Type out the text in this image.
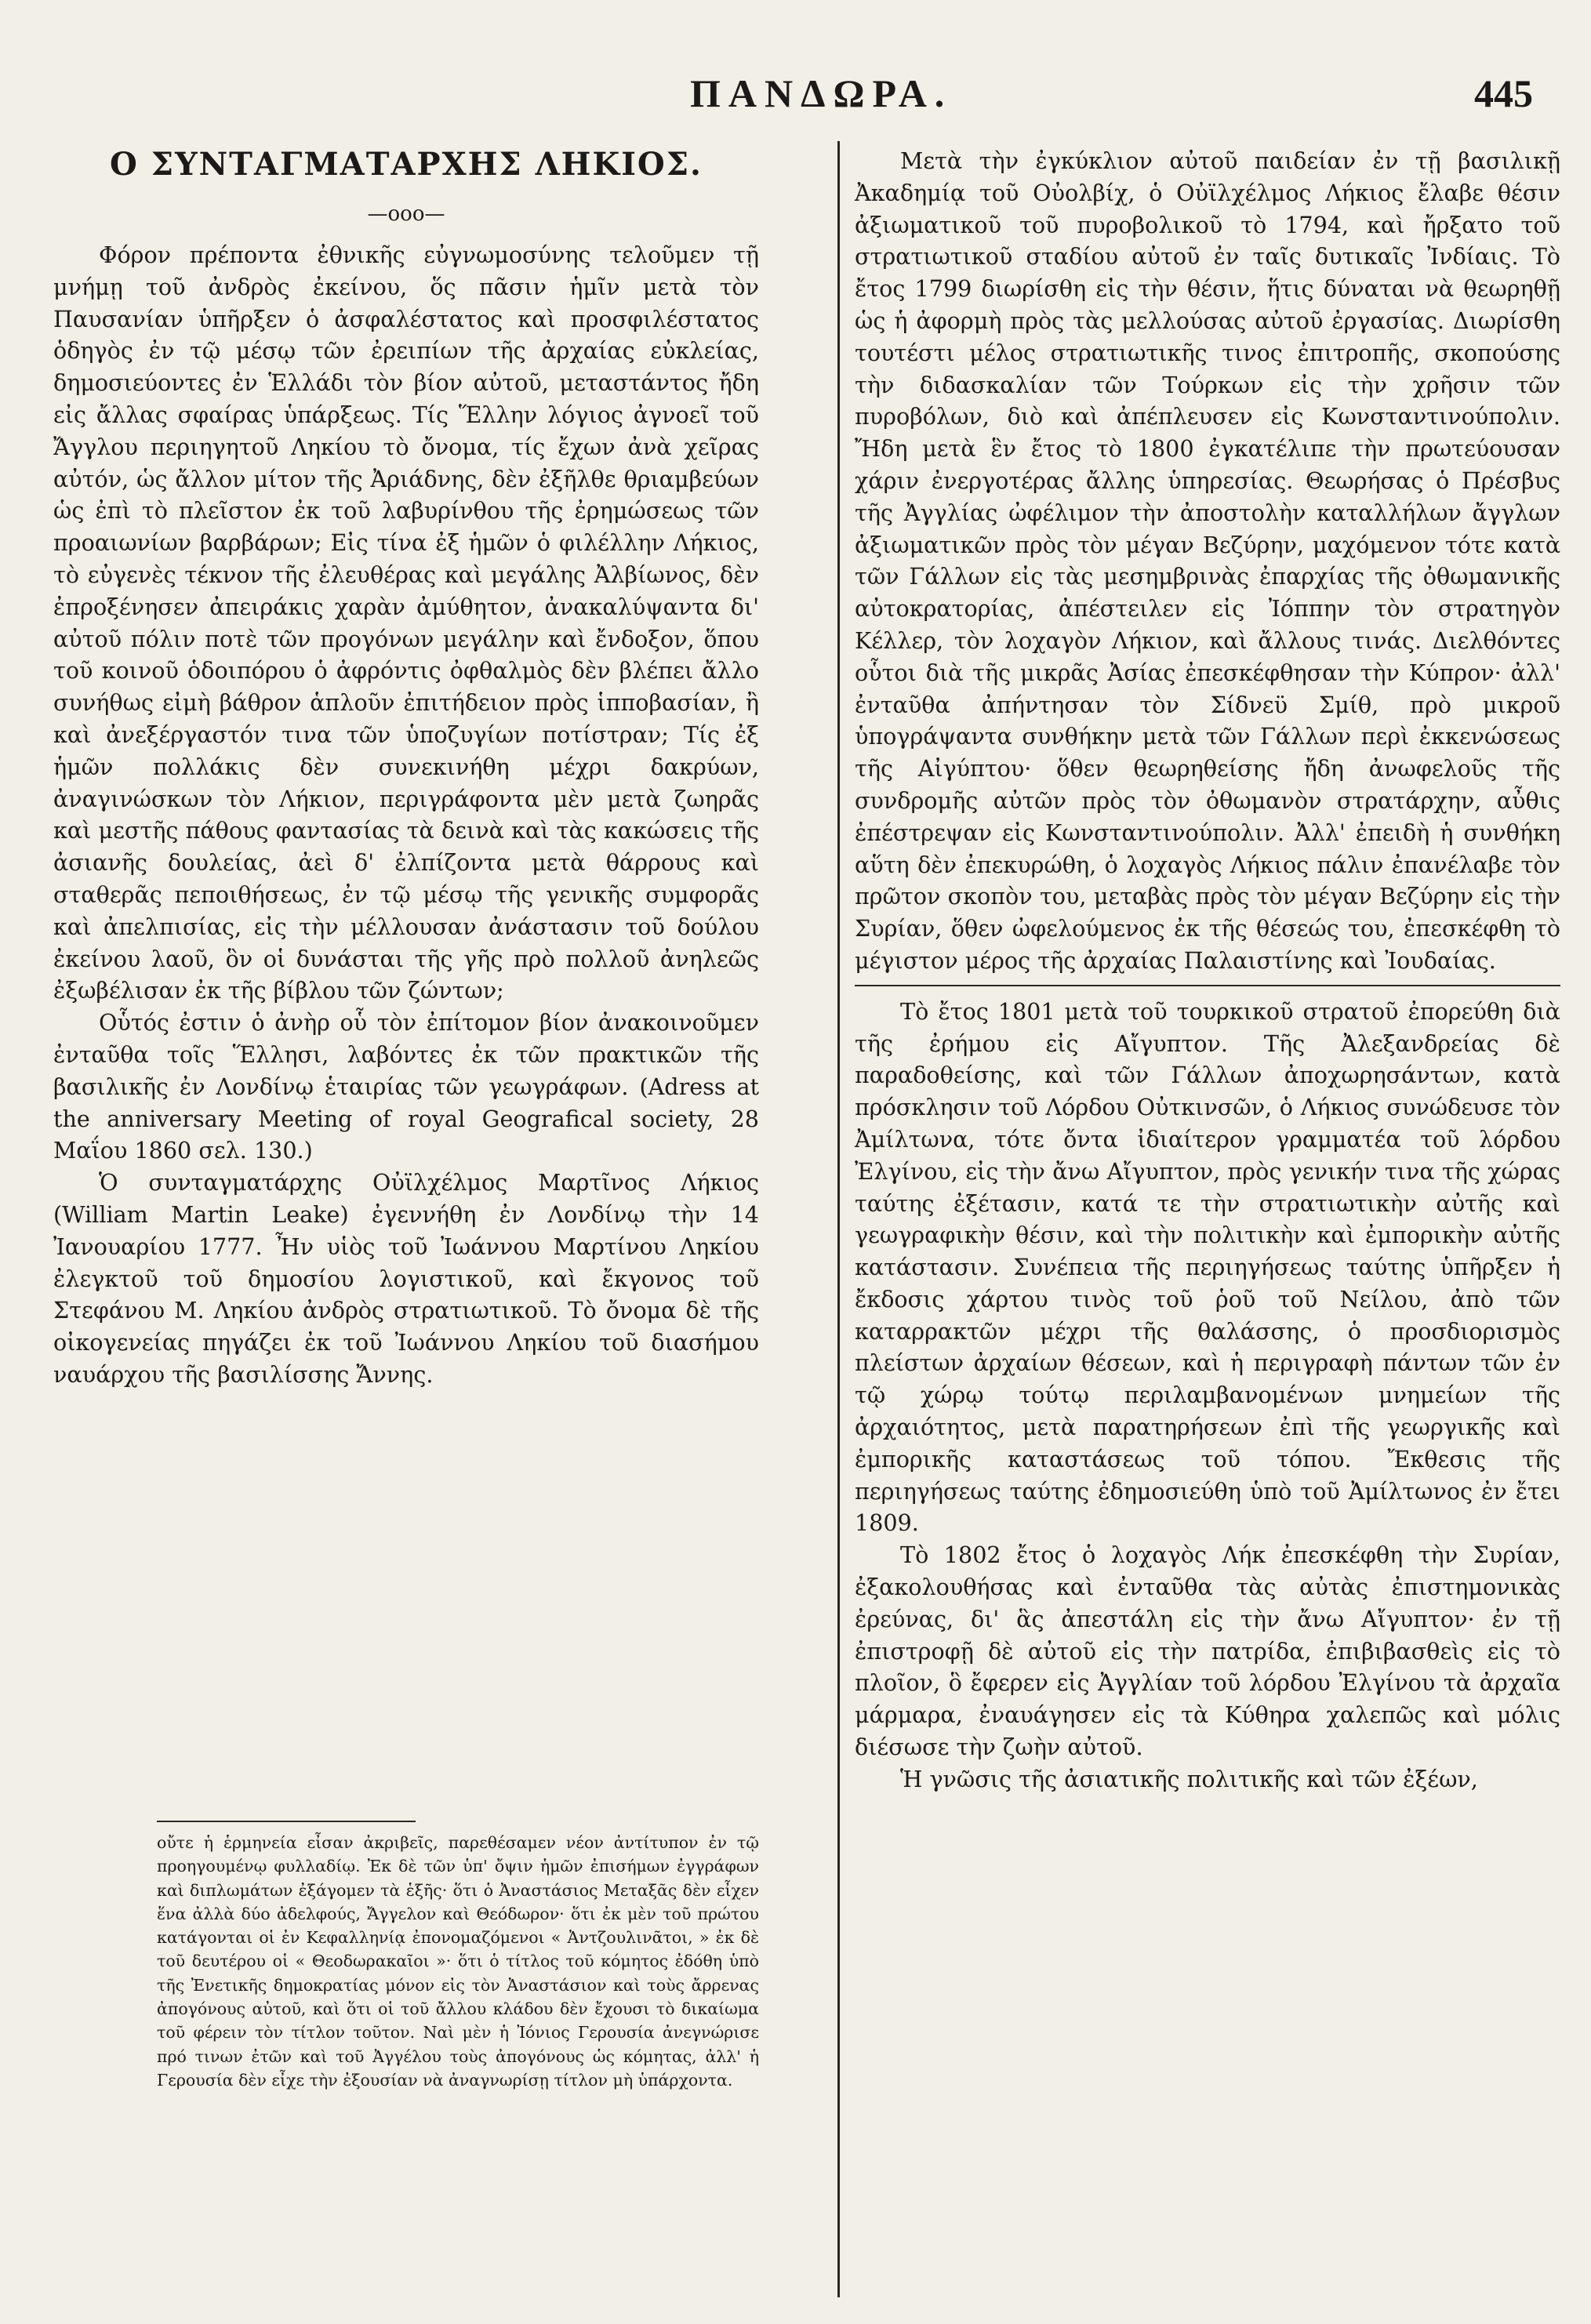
ΠΑΝΔΩΡΑ.	445
Ο ΣΥΝΤΑΓΜΑΤΑΡΧΗΣ ΛΗΚΙΟΣ.
—ooo—

Φόρον πρέποντα ἐθνικῆς εὐγνωμοσύνης τελοῦμεν τῇ μνήμῃ τοῦ ἀνδρὸς ἐκείνου, ὅς πᾶσιν ἡμῖν μετὰ τὸν Παυσανίαν ὑπῆρξεν ὁ ἀσφαλέστατος καὶ προσφιλέστατος ὁδηγὸς ἐν τῷ μέσῳ τῶν ἐρειπίων τῆς ἀρχαίας εὐκλείας, δημοσιεύοντες ἐν Ἑλλάδι τὸν βίον αὐτοῦ, μεταστάντος ἤδη εἰς ἄλλας σφαίρας ὑπάρξεως. Τίς Ἕλλην λόγιος ἀγνοεῖ τοῦ Ἄγγλου περιηγητοῦ Ληκίου τὸ ὄνομα, τίς ἔχων ἀνὰ χεῖρας αὐτόν, ὡς ἄλλον μίτον τῆς Ἀριάδνης, δὲν ἐξῆλθε θριαμβεύων ὡς ἐπὶ τὸ πλεῖστον ἐκ τοῦ λαβυρίνθου τῆς ἐρημώσεως τῶν προαιωνίων βαρβάρων; Εἰς τίνα ἐξ ἡμῶν ὁ φιλέλλην Λήκιος, τὸ εὐγενὲς τέκνον τῆς ἐλευθέρας καὶ μεγάλης Ἀλβίωνος, δὲν ἐπροξένησεν ἀπειράκις χαρὰν ἀμύθητον, ἀνακαλύψαντα δι' αὐτοῦ πόλιν ποτὲ τῶν προγόνων μεγάλην καὶ ἔνδοξον, ὅπου τοῦ κοινοῦ ὁδοιπόρου ὁ ἀφρόντις ὀφθαλμὸς δὲν βλέπει ἄλλο συνήθως εἰμὴ βάθρον ἁπλοῦν ἐπιτήδειον πρὸς ἱπποβασίαν, ἢ καὶ ἀνεξέργαστόν τινα τῶν ὑποζυγίων ποτίστραν; Τίς ἐξ ἡμῶν πολλάκις δὲν συνεκινήθη μέχρι δακρύων, ἀναγινώσκων τὸν Λήκιον, περιγράφοντα μὲν μετὰ ζωηρᾶς καὶ μεστῆς πάθους φαντασίας τὰ δεινὰ καὶ τὰς κακώσεις τῆς ἀσιανῆς δουλείας, ἀεὶ δ' ἐλπίζοντα μετὰ θάρρους καὶ σταθερᾶς πεποιθήσεως, ἐν τῷ μέσῳ τῆς γενικῆς συμφορᾶς καὶ ἀπελπισίας, εἰς τὴν μέλλουσαν ἀνάστασιν τοῦ δούλου ἐκείνου λαοῦ, ὃν οἱ δυνάσται τῆς γῆς πρὸ πολλοῦ ἀνηλεῶς ἐξωβέλισαν ἐκ τῆς βίβλου τῶν ζώντων;

Οὗτός ἐστιν ὁ ἀνὴρ οὗ τὸν ἐπίτομον βίον ἀνακοινοῦμεν ἐνταῦθα τοῖς Ἕλλησι, λαβόντες ἐκ τῶν πρακτικῶν τῆς βασιλικῆς ἐν Λονδίνῳ ἑταιρίας τῶν γεωγράφων. (Adress at the anniversary Meeting of royal Geografical society, 28 Μαΐου 1860 σελ. 130.)

Ὁ συνταγματάρχης Οὐϊλχέλμος Μαρτῖνος Λήκιος (William Martin Leake) ἐγεννήθη ἐν Λονδίνῳ τὴν 14 Ἰανουαρίου 1777. Ἦν υἱὸς τοῦ Ἰωάννου Μαρτίνου Ληκίου ἐλεγκτοῦ τοῦ δημοσίου λογιστικοῦ, καὶ ἔκγονος τοῦ Στεφάνου Μ. Ληκίου ἀνδρὸς στρατιωτικοῦ. Τὸ ὄνομα δὲ τῆς οἰκογενείας πηγάζει ἐκ τοῦ Ἰωάννου Ληκίου τοῦ διασήμου ναυάρχου τῆς βασιλίσσης Ἄννης.

Μετὰ τὴν ἐγκύκλιον αὐτοῦ παιδείαν ἐν τῇ βασιλικῇ Ἀκαδημίᾳ τοῦ Οὐολβίχ, ὁ Οὐϊλχέλμος Λήκιος ἔλαβε θέσιν ἀξιωματικοῦ τοῦ πυροβολικοῦ τὸ 1794, καὶ ἤρξατο τοῦ στρατιωτικοῦ σταδίου αὐτοῦ ἐν ταῖς δυτικαῖς Ἰνδίαις. Τὸ ἔτος 1799 διωρίσθη εἰς τὴν θέσιν, ἥτις δύναται νὰ θεωρηθῇ ὡς ἡ ἀφορμὴ πρὸς τὰς μελλούσας αὐτοῦ ἐργασίας. Διωρίσθη τουτέστι μέλος στρατιωτικῆς τινος ἐπιτροπῆς, σκοπούσης τὴν διδασκαλίαν τῶν Τούρκων εἰς τὴν χρῆσιν τῶν πυροβόλων, διὸ καὶ ἀπέπλευσεν εἰς Κωνσταντινούπολιν. Ἤδη μετὰ ἓν ἔτος τὸ 1800 ἐγκατέλιπε τὴν πρωτεύουσαν χάριν ἐνεργοτέρας ἄλλης ὑπηρεσίας. Θεωρήσας ὁ Πρέσβυς τῆς Ἀγγλίας ὠφέλιμον τὴν ἀποστολὴν καταλλήλων ἄγγλων ἀξιωματικῶν πρὸς τὸν μέγαν Βεζύρην, μαχόμενον τότε κατὰ τῶν Γάλλων εἰς τὰς μεσημβρινὰς ἐπαρχίας τῆς ὀθωμανικῆς αὐτοκρατορίας, ἀπέστειλεν εἰς Ἰόππην τὸν στρατηγὸν Κέλλερ, τὸν λοχαγὸν Λήκιον, καὶ ἄλλους τινάς. Διελθόντες οὗτοι διὰ τῆς μικρᾶς Ἀσίας ἐπεσκέφθησαν τὴν Κύπρον· ἀλλ' ἐνταῦθα ἀπήντησαν τὸν Σίδνεϋ Σμίθ, πρὸ μικροῦ ὑπογράψαντα συνθήκην μετὰ τῶν Γάλλων περὶ ἐκκενώσεως τῆς Αἰγύπτου· ὅθεν θεωρηθείσης ἤδη ἀνωφελοῦς τῆς συνδρομῆς αὐτῶν πρὸς τὸν ὀθωμανὸν στρατάρχην, αὖθις ἐπέστρεψαν εἰς Κωνσταντινούπολιν. Ἀλλ' ἐπειδὴ ἡ συνθήκη αὕτη δὲν ἐπεκυρώθη, ὁ λοχαγὸς Λήκιος πάλιν ἐπανέλαβε τὸν πρῶτον σκοπὸν του, μεταβὰς πρὸς τὸν μέγαν Βεζύρην εἰς τὴν Συρίαν, ὅθεν ὠφελούμενος ἐκ τῆς θέσεώς του, ἐπεσκέφθη τὸ μέγιστον μέρος τῆς ἀρχαίας Παλαιστίνης καὶ Ἰουδαίας.

Τὸ ἔτος 1801 μετὰ τοῦ τουρκικοῦ στρατοῦ ἐπορεύθη διὰ τῆς ἐρήμου εἰς Αἴγυπτον. Τῆς Ἀλεξανδρείας δὲ παραδοθείσης, καὶ τῶν Γάλλων ἀποχωρησάντων, κατὰ πρόσκλησιν τοῦ Λόρδου Οὐτκινσῶν, ὁ Λήκιος συνώδευσε τὸν Ἀμίλτωνα, τότε ὄντα ἰδιαίτερον γραμματέα τοῦ λόρδου Ἐλγίνου, εἰς τὴν ἄνω Αἴγυπτον, πρὸς γενικήν τινα τῆς χώρας ταύτης ἐξέτασιν, κατά τε τὴν στρατιωτικὴν αὐτῆς καὶ γεωγραφικὴν θέσιν, καὶ τὴν πολιτικὴν καὶ ἐμπορικὴν αὐτῆς κατάστασιν. Συνέπεια τῆς περιηγήσεως ταύτης ὑπῆρξεν ἡ ἔκδοσις χάρτου τινὸς τοῦ ῥοῦ τοῦ Νείλου, ἀπὸ τῶν καταρρακτῶν μέχρι τῆς θαλάσσης, ὁ προσδιορισμὸς πλείστων ἀρχαίων θέσεων, καὶ ἡ περιγραφὴ πάντων τῶν ἐν τῷ χώρῳ τούτῳ περιλαμβανομένων μνημείων τῆς ἀρχαιότητος, μετὰ παρατηρήσεων ἐπὶ τῆς γεωργικῆς καὶ ἐμπορικῆς καταστάσεως τοῦ τόπου. Ἔκθεσις τῆς περιηγήσεως ταύτης ἐδημοσιεύθη ὑπὸ τοῦ Ἀμίλτωνος ἐν ἔτει 1809.

Τὸ 1802 ἔτος ὁ λοχαγὸς Λήκ ἐπεσκέφθη τὴν Συρίαν, ἐξακολουθήσας καὶ ἐνταῦθα τὰς αὐτὰς ἐπιστημονικὰς ἐρεύνας, δι' ἃς ἀπεστάλη εἰς τὴν ἄνω Αἴγυπτον· ἐν τῇ ἐπιστροφῇ δὲ αὐτοῦ εἰς τὴν πατρίδα, ἐπιβιβασθεὶς εἰς τὸ πλοῖον, ὃ ἔφερεν εἰς Ἀγγλίαν τοῦ λόρδου Ἐλγίνου τὰ ἀρχαῖα μάρμαρα, ἐναυάγησεν εἰς τὰ Κύθηρα χαλεπῶς καὶ μόλις διέσωσε τὴν ζωὴν αὐτοῦ.

Ἡ γνῶσις τῆς ἀσιατικῆς πολιτικῆς καὶ τῶν ἐξέων,

οὔτε ἡ ἑρμηνεία εἶσαν ἀκριβεῖς, παρεθέσαμεν νέον ἀντίτυπον ἐν τῷ προηγουμένῳ φυλλαδίῳ. Ἐκ δὲ τῶν ὑπ' ὄψιν ἡμῶν ἐπισήμων ἐγγράφων καὶ διπλωμάτων ἐξάγομεν τὰ ἑξῆς· ὅτι ὁ Ἀναστάσιος Μεταξᾶς δὲν εἶχεν ἕνα ἀλλὰ δύο ἀδελφούς, Ἄγγελον καὶ Θεόδωρον· ὅτι ἐκ μὲν τοῦ πρώτου κατάγονται οἱ ἐν Κεφαλληνίᾳ ἐπονομαζόμενοι « Ἀντζουλινᾶτοι, » ἐκ δὲ τοῦ δευτέρου οἱ « Θεοδωρακαῖοι »· ὅτι ὁ τίτλος τοῦ κόμητος ἐδόθη ὑπὸ τῆς Ἐνετικῆς δημοκρατίας μόνον εἰς τὸν Ἀναστάσιον καὶ τοὺς ἄρρενας ἀπογόνους αὐτοῦ, καὶ ὅτι οἱ τοῦ ἄλλου κλάδου δὲν ἔχουσι τὸ δικαίωμα τοῦ φέρειν τὸν τίτλον τοῦτον. Ναὶ μὲν ἡ Ἰόνιος Γερουσία ἀνεγνώρισε πρό τινων ἐτῶν καὶ τοῦ Ἀγγέλου τοὺς ἀπογόνους ὡς κόμητας, ἀλλ' ἡ Γερουσία δὲν εἶχε τὴν ἐξουσίαν νὰ ἀναγνωρίσῃ τίτλον μὴ ὑπάρχοντα.
